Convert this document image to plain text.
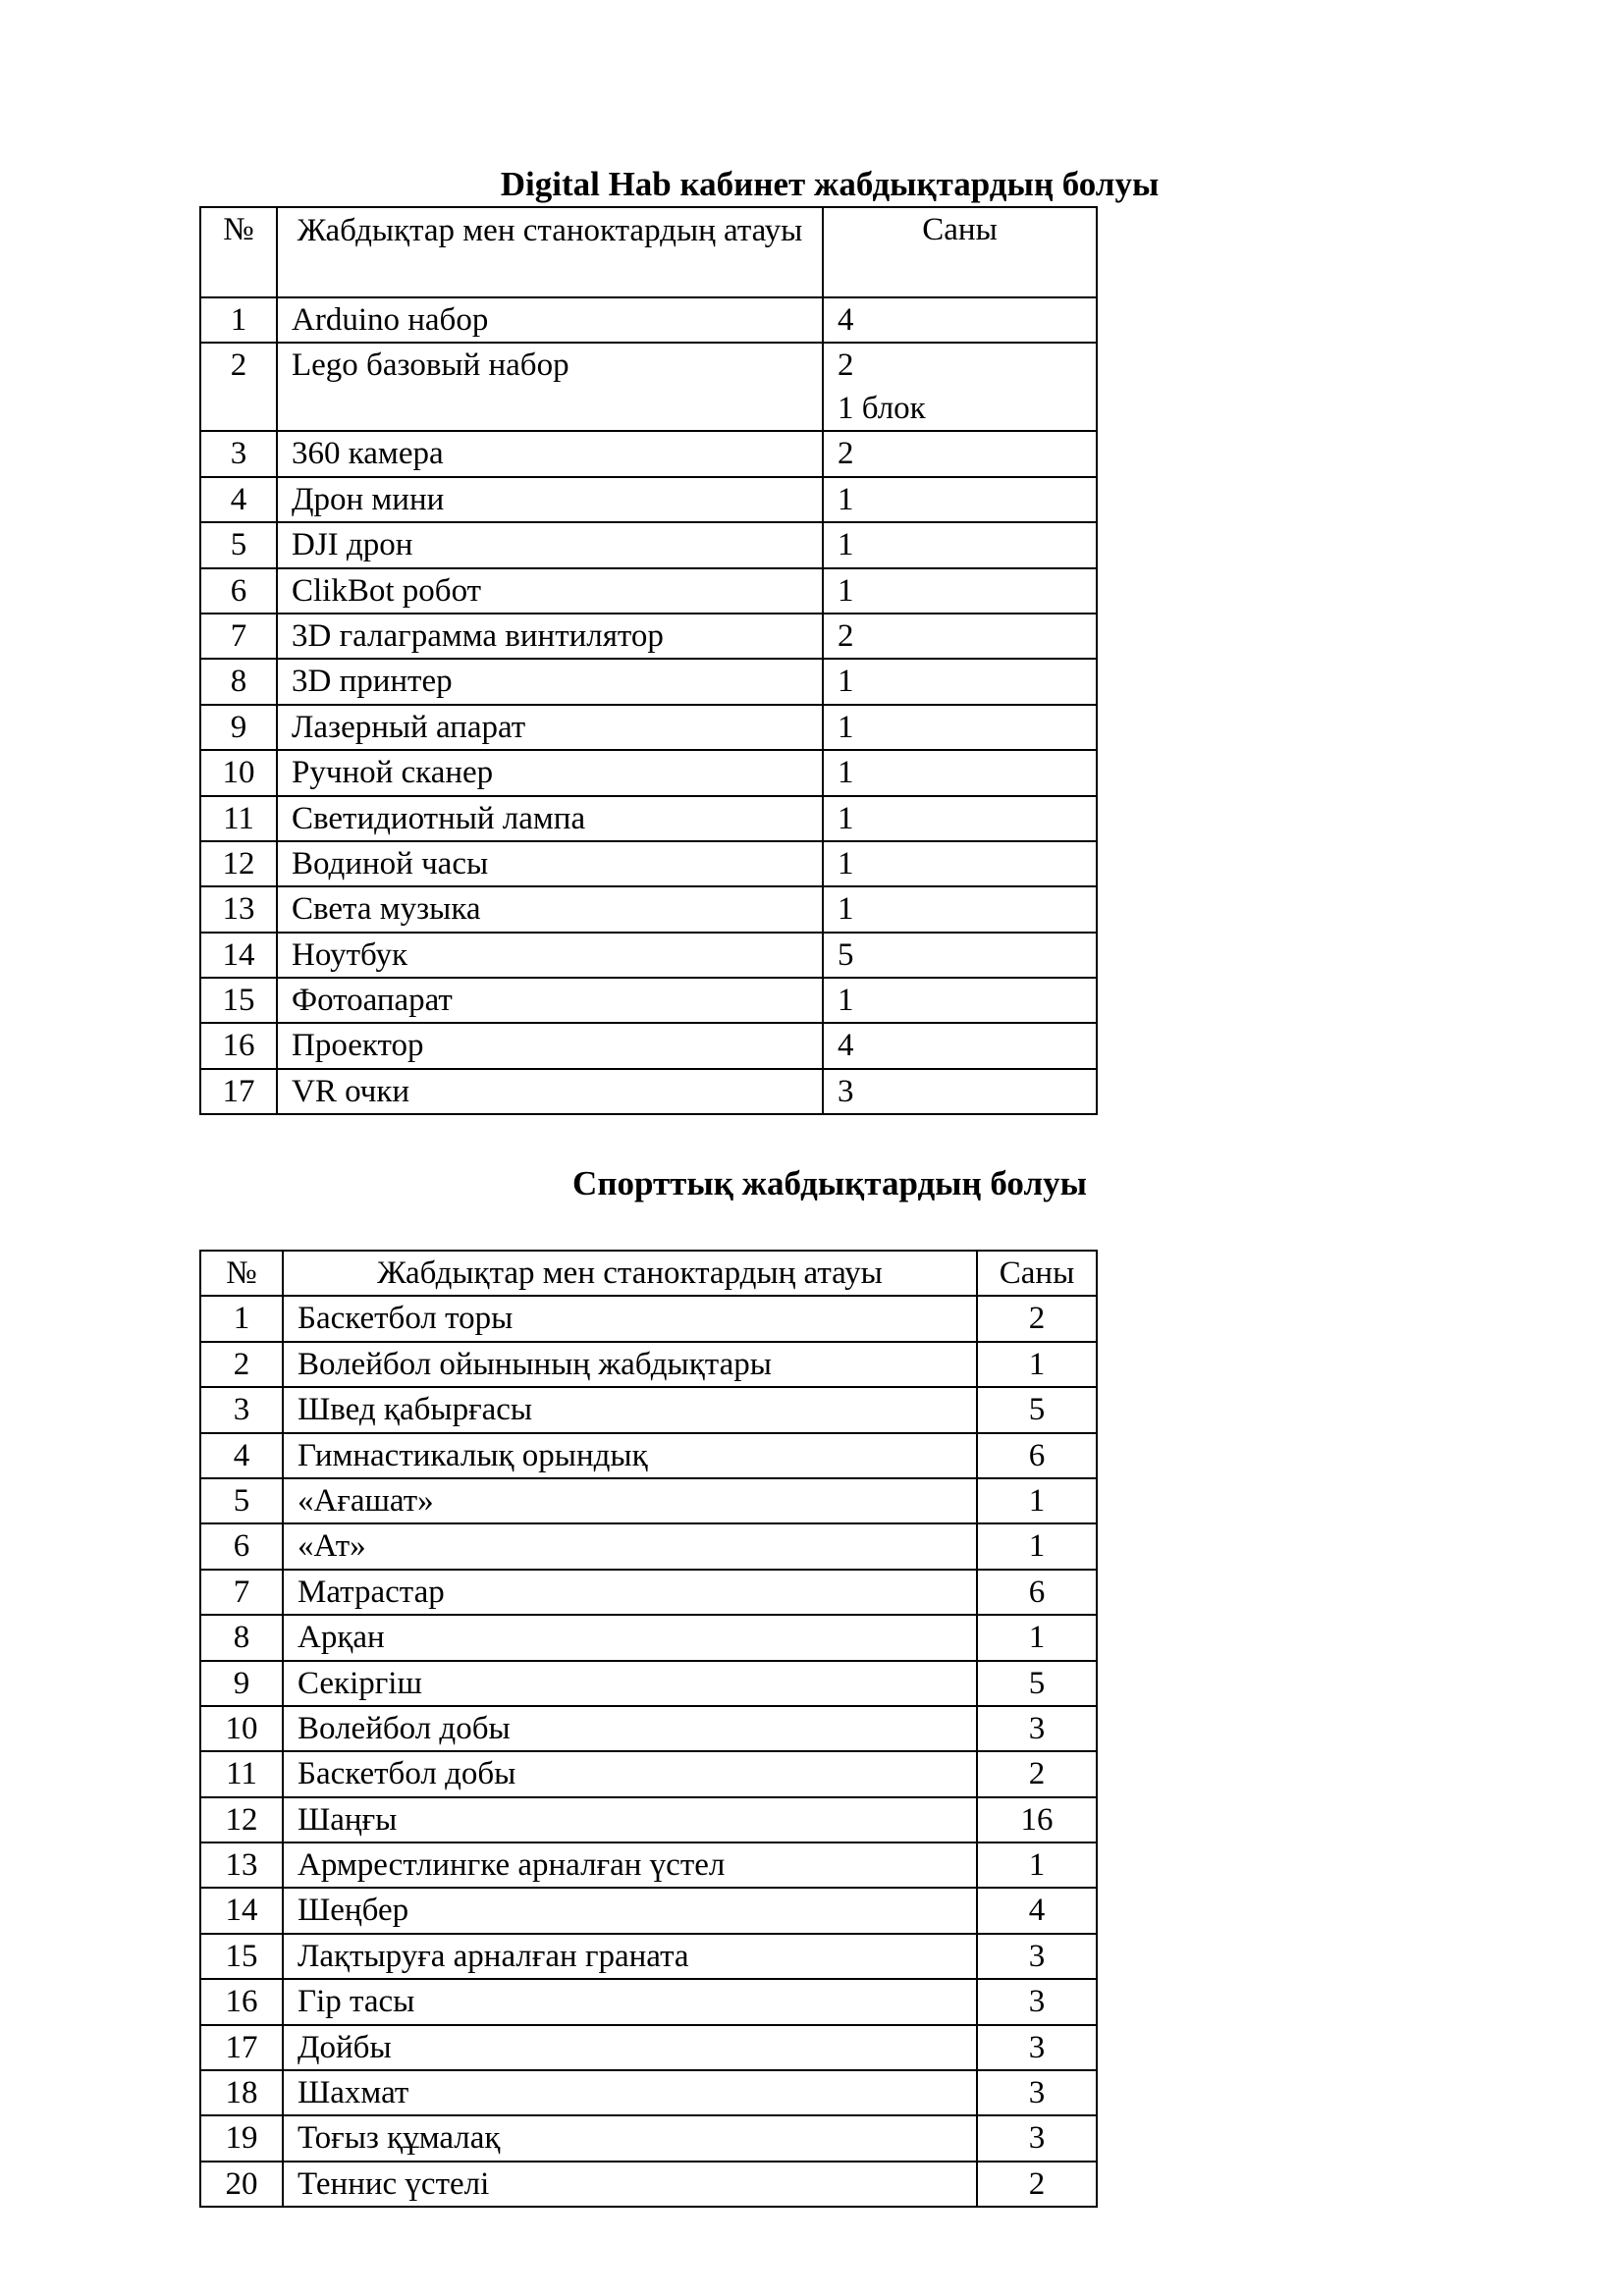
Digital Hab кабинет жабдықтардың болуы
№	Жабдықтар мен станоктардың атауы	Саны
1	Arduino набор	4
2	Lego базовый набор	2
1 блок

3	360 камера	2
4	Дрон мини	1
5	DJI дрон	1
6	ClikBot робот	1
7	3D галаграмма винтилятор	2
8	3D принтер	1
9	Лазерный апарат	1
10	Ручной сканер	1
11	Светидиотный лампа	1
12	Водиной часы	1
13	Света музыка	1
14	Ноутбук	5
15	Фотоапарат	1
16	Проектор	4
17	VR очки	3
Спорттық жабдықтардың болуы
№	Жабдықтар мен станоктардың атауы	Саны
1	Баскетбол торы	2
2	Волейбол ойынының жабдықтары	1
3	Швед қабырғасы	5
4	Гимнастикалық орындық	6
5	«Ағашат»	1
6	«Ат»	1
7	Матрастар	6
8	Арқан	1
9	Секіргіш	5
10	Волейбол добы	3
11	Баскетбол добы	2
12	Шаңғы	16
13	Армрестлингке арналған үстел	1
14	Шеңбер	4
15	Лақтыруға арналған граната	3
16	Гір тасы	3
17	Дойбы	3
18	Шахмат	3
19	Тоғыз құмалақ	3
20	Теннис үстелі	2
